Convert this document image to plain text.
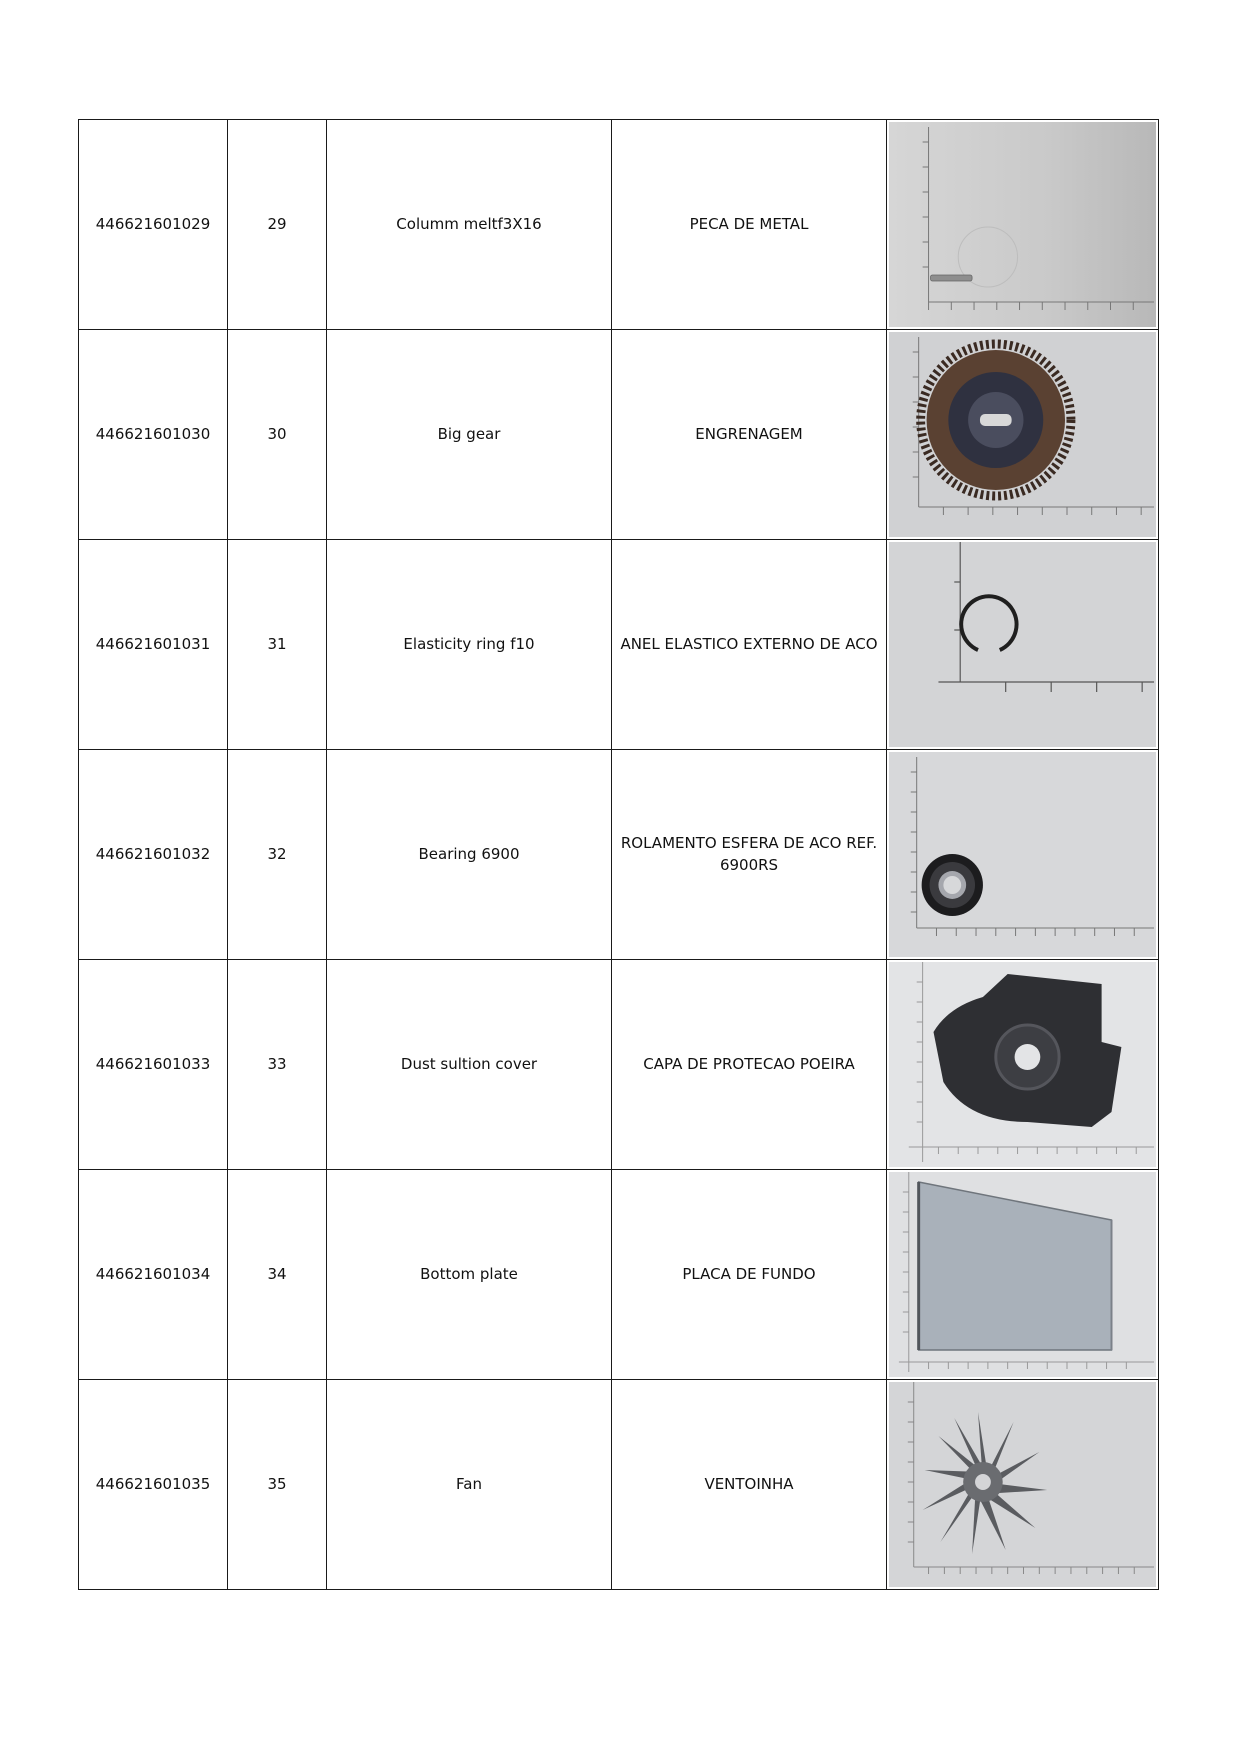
446621601029	29	Columm meltf3X16	PECA DE METAL	

446621601030	30	Big gear	ENGRENAGEM	

446621601031	31	Elasticity ring f10	ANEL ELASTICO EXTERNO DE ACO	

446621601032	32	Bearing 6900	ROLAMENTO ESFERA DE ACO REF. 6900RS	

446621601033	33	Dust sultion cover	CAPA DE PROTECAO POEIRA	

446621601034	34	Bottom plate	PLACA DE FUNDO	

446621601035	35	Fan	VENTOINHA	
